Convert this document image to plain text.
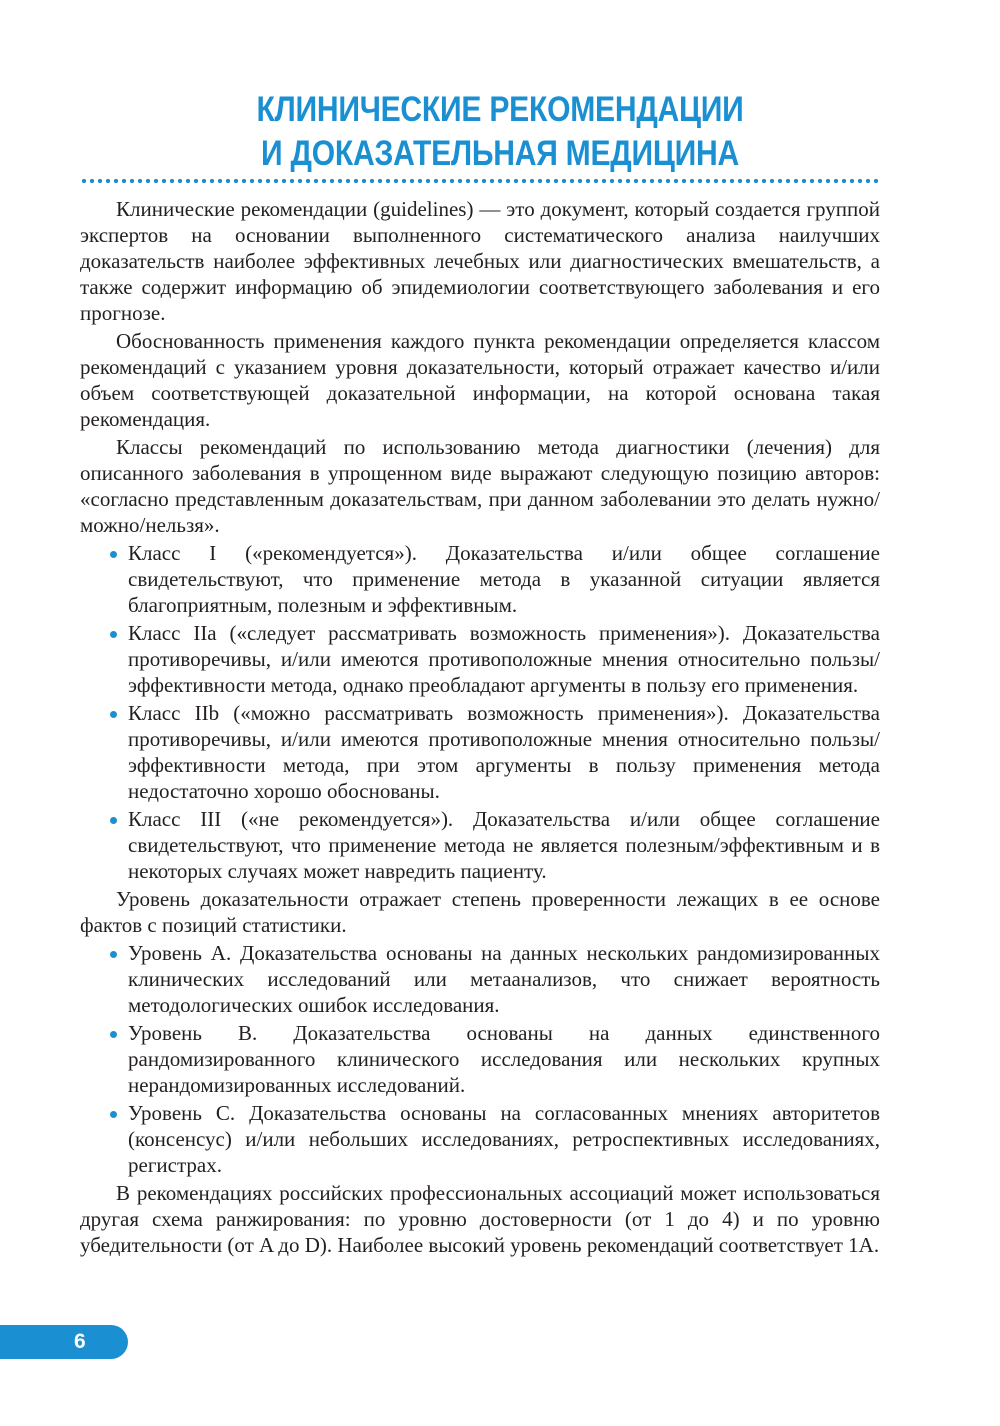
КЛИНИЧЕСКИЕ РЕКОМЕНДАЦИИ
И ДОКАЗАТЕЛЬНАЯ МЕДИЦИНА

Клинические рекомендации (guidelines) — это документ, который создается группой экспертов на основании выполненного систематического анализа наилучших доказательств наиболее эффективных лечебных или диагностических вмешательств, а также содержит информацию об эпидемиологии соответствующего заболевания и его прогнозе.

Обоснованность применения каждого пункта рекомендации определяется классом рекомендаций с указанием уровня доказательности, который отражает качество и/или объем соответствующей доказательной информации, на которой основана такая рекомендация.

Классы рекомендаций по использованию метода диагностики (лечения) для описанного заболевания в упрощенном виде выражают следующую позицию авторов: «согласно представленным доказательствам, при данном заболевании это делать нужно/можно/нельзя».

Класс I («рекомендуется»). Доказательства и/или общее соглашение свидетельствуют, что применение метода в указанной ситуации является благоприятным, полезным и эффективным.
Класс IIa («следует рассматривать возможность применения»). Доказательства противоречивы, и/или имеются противоположные мнения относительно пользы/эффективности метода, однако преобладают аргументы в пользу его применения.
Класс IIb («можно рассматривать возможность применения»). Доказательства противоречивы, и/или имеются противоположные мнения относительно пользы/эффективности метода, при этом аргументы в пользу применения метода недостаточно хорошо обоснованы.
Класс III («не рекомендуется»). Доказательства и/или общее соглашение свидетельствуют, что применение метода не является полезным/эффективным и в некоторых случаях может навредить пациенту.

Уровень доказательности отражает степень проверенности лежащих в ее основе фактов с позиций статистики.

Уровень А. Доказательства основаны на данных нескольких рандомизированных клинических исследований или метаанализов, что снижает вероятность методологических ошибок исследования.
Уровень В. Доказательства основаны на данных единственного рандомизированного клинического исследования или нескольких крупных нерандомизированных исследований.
Уровень С. Доказательства основаны на согласованных мнениях авторитетов (консенсус) и/или небольших исследованиях, ретроспективных исследованиях, регистрах.

В рекомендациях российских профессиональных ассоциаций может использоваться другая схема ранжирования: по уровню достоверности (от 1 до 4) и по уровню убедительности (от A до D). Наиболее высокий уровень рекомендаций соответствует 1A.

6
